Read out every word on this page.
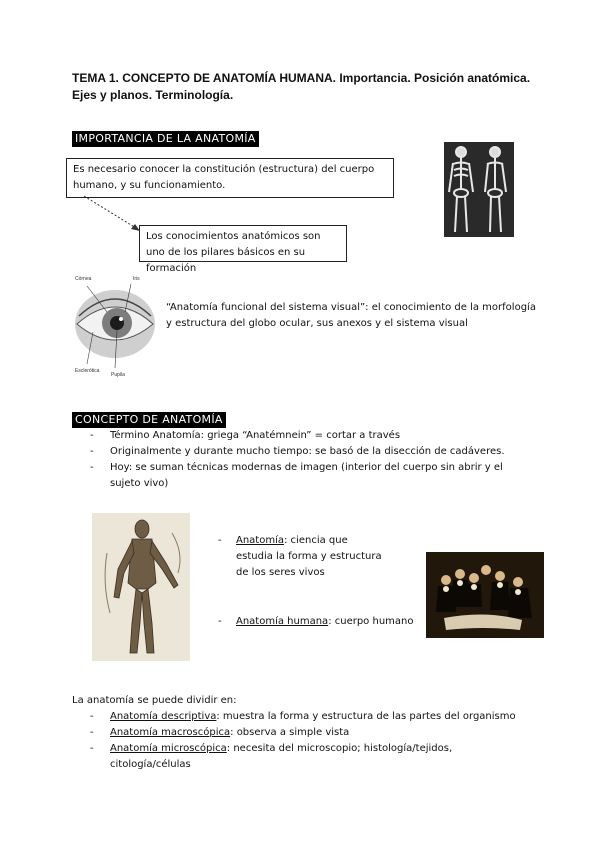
TEMA 1. CONCEPTO DE ANATOMÍA HUMANA. Importancia. Posición anatómica. Ejes y planos. Terminología.
IMPORTANCIA DE LA ANATOMÍA
Es necesario conocer la constitución (estructura) del cuerpo humano, y su funcionamiento.
Los conocimientos anatómicos son uno de los pilares básicos en su formación
Córnea	Iris
Esclerótica
Pupila
“Anatomía funcional del sistema visual”: el conocimiento de la morfología y estructura del globo ocular, sus anexos y el sistema visual
CONCEPTO DE ANATOMÍA
- Término Anatomía: griega “Anatémnein” = cortar a través
- Originalmente y durante mucho tiempo: se basó de la disección de cadáveres.
- Hoy: se suman técnicas modernas de imagen (interior del cuerpo sin abrir y el sujeto vivo)
-	Anatomía: ciencia que estudia la forma y estructura de los seres vivos
-	Anatomía humana: cuerpo humano
La anatomía se puede dividir en:
- Anatomía descriptiva: muestra la forma y estructura de las partes del organismo
- Anatomía macroscópica: observa a simple vista
- Anatomía microscópica: necesita del microscopio; histología/tejidos, citología/células
